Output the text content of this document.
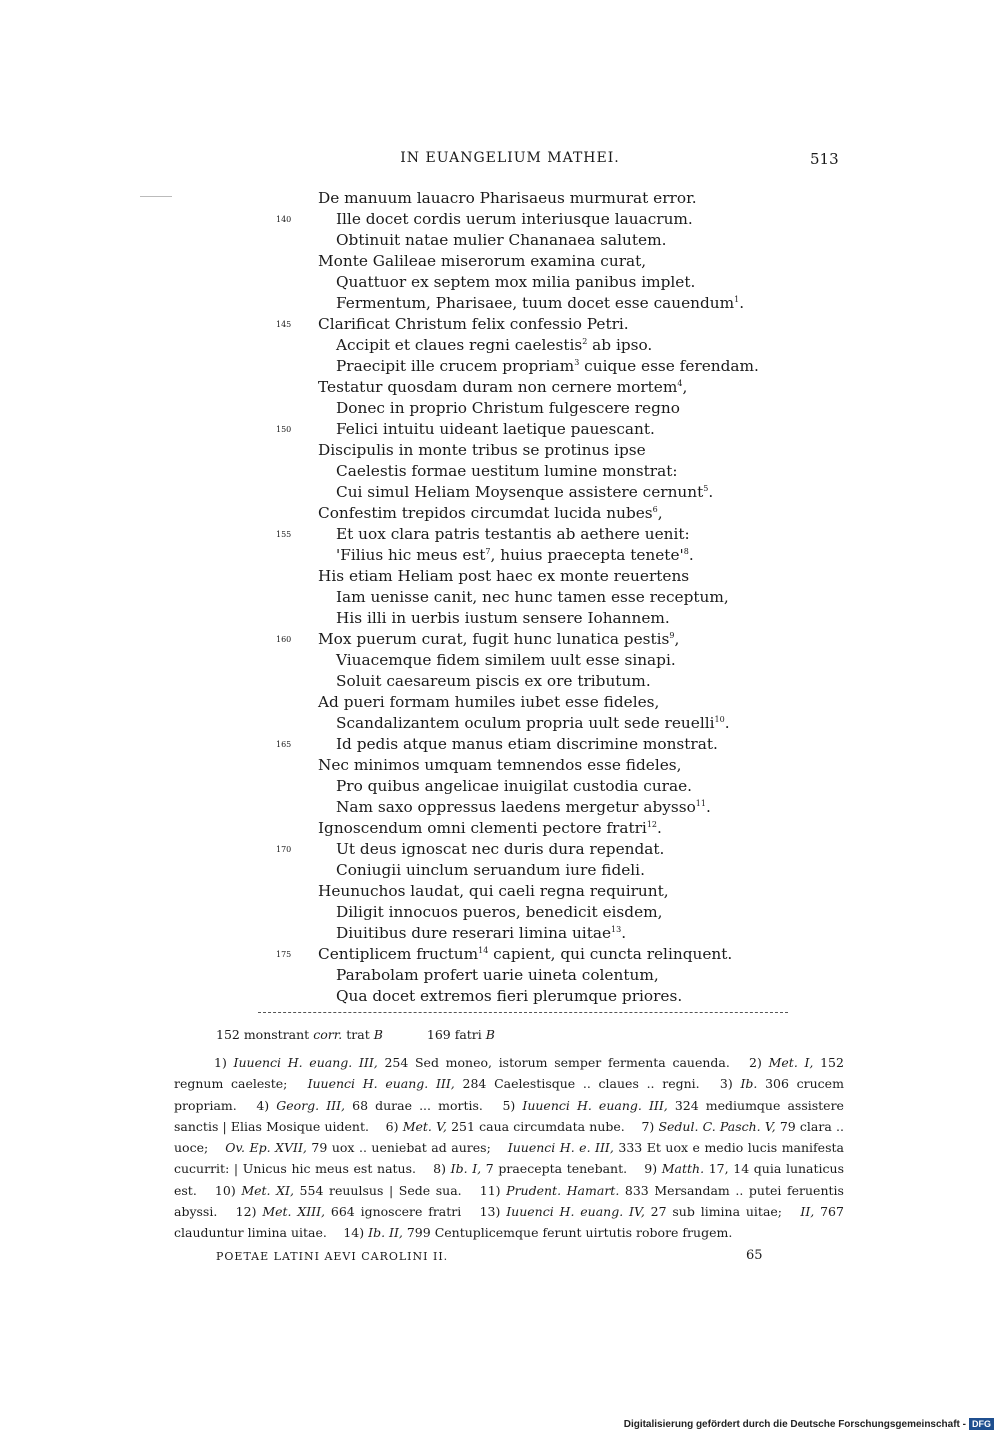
IN EUANGELIUM MATHEI.	513
De manuum lauacro Pharisaeus murmurat error.
140	Ille docet cordis uerum interiusque lauacrum.
Obtinuit natae mulier Chananaea salutem.
Monte Galileae miserorum examina curat,
Quattuor ex septem mox milia panibus implet.
Fermentum, Pharisaee, tuum docet esse cauendum$^1$.
145 Clarificat Christum felix confessio Petri.
Accipit et claues regni caelestis$^2$ ab ipso.
Praecipit ille crucem propriam$^3$ cuique esse ferendam.
Testatur quosdam duram non cernere mortem$^4$,
Donec in proprio Christum fulgescere regno
150	Felici intuitu uideant laetique pauescant.
Discipulis in monte tribus se protinus ipse
Caelestis formae uestitum lumine monstrat:
Cui simul Heliam Moysenque assistere cernunt$^5$.
Confestim trepidos circumdat lucida nubes$^6$,
155	Et uox clara patris testantis ab aethere uenit:
'Filius hic meus est$^7$, huius praecepta $tenete'^8$.
His etiam Heliam post haec ex monte reuertens
Iam uenisse canit, nec hunc tamen esse receptum,
His illi in uerbis iustum sensere Iohannem.
160 Mox puerum curat, fugit hunc lunatica pestis$^9$,
Viuacemque fidem similem uult esse sinapi.
Soluit caesareum piscis ex ore tributum.
Ad pueri formam humiles iubet esse fideles,
Scandalizantem oculum propria uult sede reuelli$^{10}$.
165	Id pedis atque manus etiam discrimine monstrat.
Nec minimos umquam temnendos esse fideles,
Pro quibus angelicae inuigilat custodia curae.
Nam saxo oppressus laedens mergetur abysso$^{11}$.
Ignoscendum omni clementi pectore fratri$^{12}$.
170	Ut deus ignoscat nec duris dura rependat.
Coniugii uinclum seruandum iure fideli.
Heunuchos laudat, qui caeli regna requirunt,
Diligit innocuos pueros, benedicit eisdem,
Diuitibus dure reserari limina uitae$^{13}$.
175 Centiplicem fructum$^{14}$ capient, qui cuncta relinquent.
Parabolam profert uarie uineta colentum,
Qua docet extremos fieri plerumque priores.
152 monstrant corr. trat B	169 fatri B
1) Iuuenci H. euang. III, 254 Sed moneo, istorum semper fermenta cauenda.  2) Met. I, 152 regnum caeleste;  Iuuenci H. euang. III, 284 Caelestisque .. claues .. regni.  3) Ib. 306 crucem propriam.  4) Georg. III, 68 durae ... mortis.  5) Iuuenci H. euang. III, 324 mediumque assistere sanctis | Elias Mosique uident.  6) Met. V, 251 caua circumdata nube.  7) Sedul. C. Pasch. V, 79 clara .. uoce;  Ov. Ep. XVII, 79 uox .. ueniebat ad aures;  Iuuenci H. e. III, 333 Et uox e medio lucis manifesta cucurrit: | Unicus hic meus est natus.  8) Ib. I, 7 praecepta tenebant.  9) Matth. 17, 14 quia lunaticus est.  10) Met. XI, 554 reuulsus | Sede sua.  11) Prudent. Hamart. 833 Mersandam .. putei feruentis abyssi.  12) Met. XIII, 664 ignoscere fratri  13) Iuuenci H. euang. IV, 27 sub limina uitae;  II, 767 clauduntur limina uitae.  14) Ib. II, 799 Centuplicemque ferunt uirtutis robore frugem. 
POETAE LATINI AEVI CAROLINI II.	65
Digitalisierung gefördert durch die Deutsche Forschungsgemeinschaft - DFG
